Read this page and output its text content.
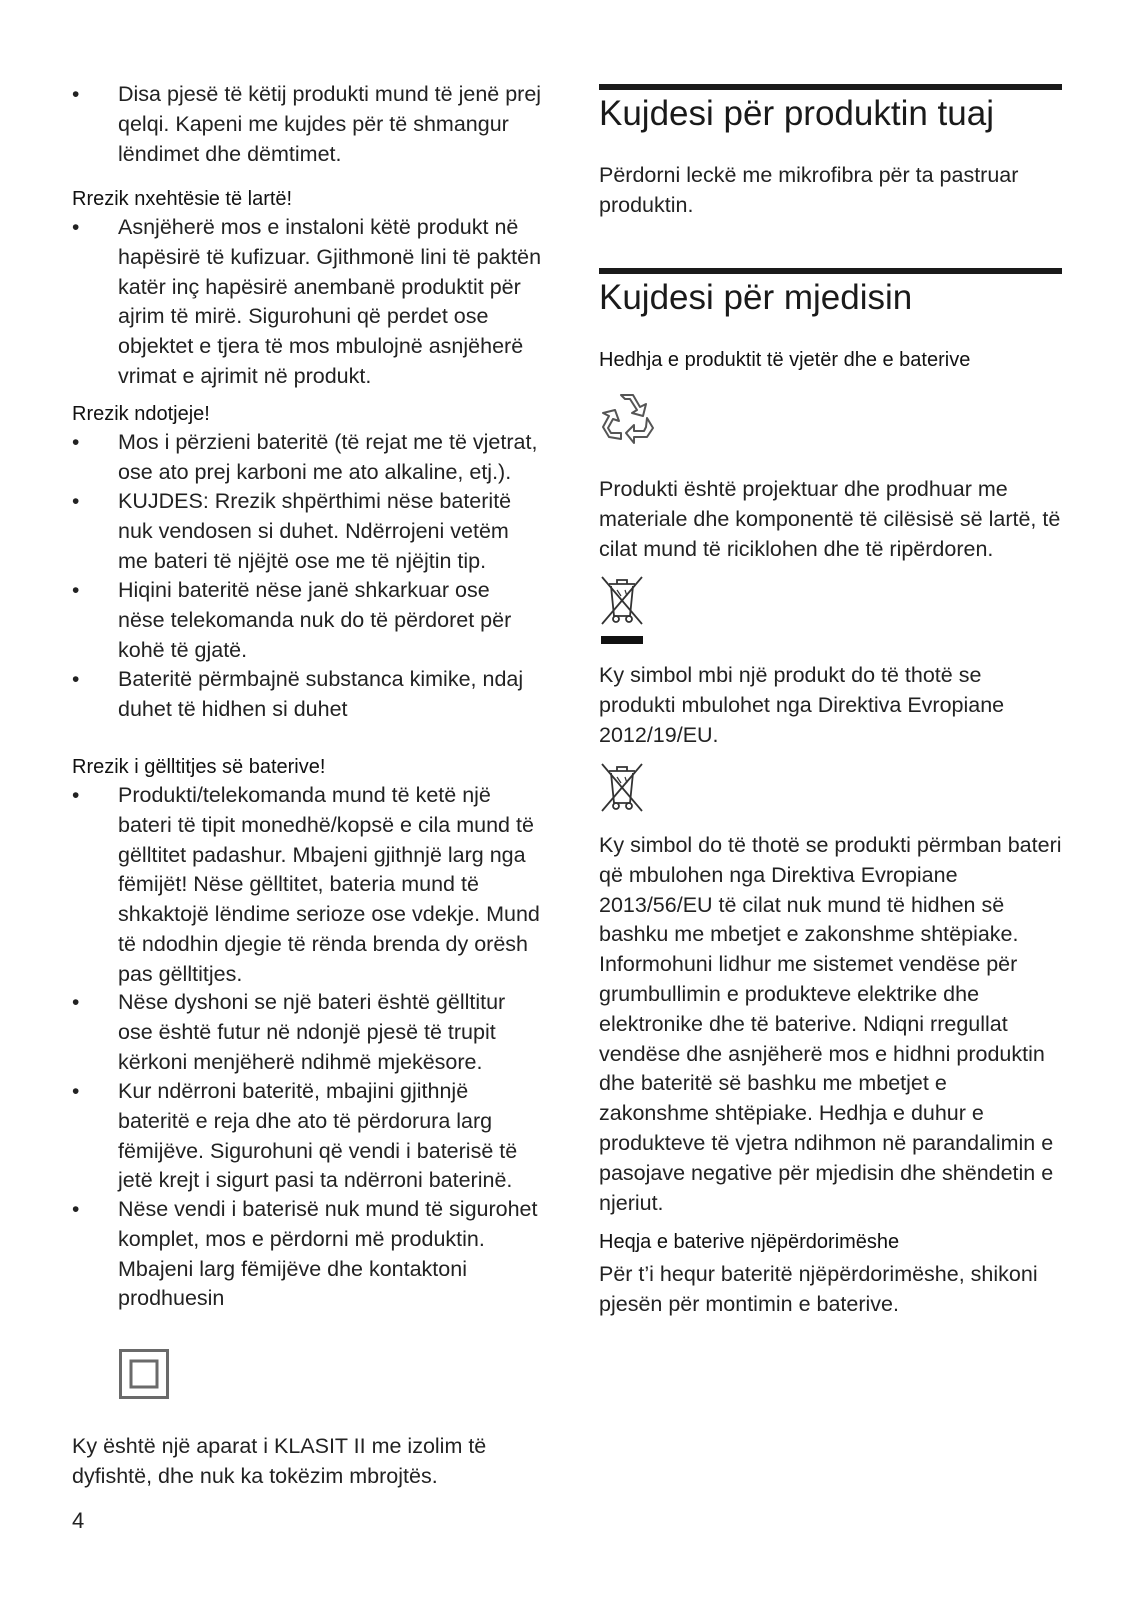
• Disa pjesë të këtij produkti mund të jenë prej qelqi. Kapeni me kujdes për të shmangur lëndimet dhe dëmtimet.
Rrezik nxehtësie të lartë!
• Asnjëherë mos e instaloni këtë produkt në hapësirë të kufizuar. Gjithmonë lini të paktën katër inç hapësirë anembanë produktit për ajrim të mirë. Sigurohuni që perdet ose objektet e tjera të mos mbulojnë asnjëherë vrimat e ajrimit në produkt.
Rrezik ndotjeje!
• Mos i përzieni bateritë (të rejat me të vjetrat, ose ato prej karboni me ato alkaline, etj.).
• KUJDES: Rrezik shpërthimi nëse bateritë nuk vendosen si duhet. Ndërrojeni vetëm me bateri të njëjtë ose me të njëjtin tip.
• Hiqini bateritë nëse janë shkarkuar ose nëse telekomanda nuk do të përdoret për kohë të gjatë.
• Bateritë përmbajnë substanca kimike, ndaj duhet të hidhen si duhet
Rrezik i gëlltitjes së baterive!
• Produkti/telekomanda mund të ketë një bateri të tipit monedhë/kopsë e cila mund të gëlltitet padashur. Mbajeni gjithnjë larg nga fëmijët! Nëse gëlltitet, bateria mund të shkaktojë lëndime serioze ose vdekje. Mund të ndodhin djegie të rënda brenda dy orësh pas gëlltitjes.
• Nëse dyshoni se një bateri është gëlltitur ose është futur në ndonjë pjesë të trupit kërkoni menjëherë ndihmë mjekësore.
• Kur ndërroni bateritë, mbajini gjithnjë bateritë e reja dhe ato të përdorura larg fëmijëve. Sigurohuni që vendi i baterisë të jetë krejt i sigurt pasi ta ndërroni baterinë.
• Nëse vendi i baterisë nuk mund të sigurohet komplet, mos e përdorni më produktin. Mbajeni larg fëmijëve dhe kontaktoni prodhuesin
Ky është një aparat i KLASIT II me izolim të dyfishtë, dhe nuk ka tokëzim mbrojtës.
4
Kujdesi për produktin tuaj
Përdorni leckë me mikrofibra për ta pastruar produktin.
Kujdesi për mjedisin
Hedhja e produktit të vjetër dhe e baterive
Produkti është projektuar dhe prodhuar me materiale dhe komponentë të cilësisë së lartë, të cilat mund të riciklohen dhe të ripërdoren.
Ky simbol mbi një produkt do të thotë se produkti mbulohet nga Direktiva Evropiane 2012/19/EU.
Ky simbol do të thotë se produkti përmban bateri që mbulohen nga Direktiva Evropiane 2013/56/EU të cilat nuk mund të hidhen së bashku me mbetjet e zakonshme shtëpiake. Informohuni lidhur me sistemet vendëse për grumbullimin e produkteve elektrike dhe elektronike dhe të baterive. Ndiqni rregullat vendëse dhe asnjëherë mos e hidhni produktin dhe bateritë së bashku me mbetjet e zakonshme shtëpiake. Hedhja e duhur e produkteve të vjetra ndihmon në parandalimin e pasojave negative për mjedisin dhe shëndetin e njeriut.
Heqja e baterive njëpërdorimëshe
Për t’i hequr bateritë njëpërdorimëshe, shikoni pjesën për montimin e baterive.
